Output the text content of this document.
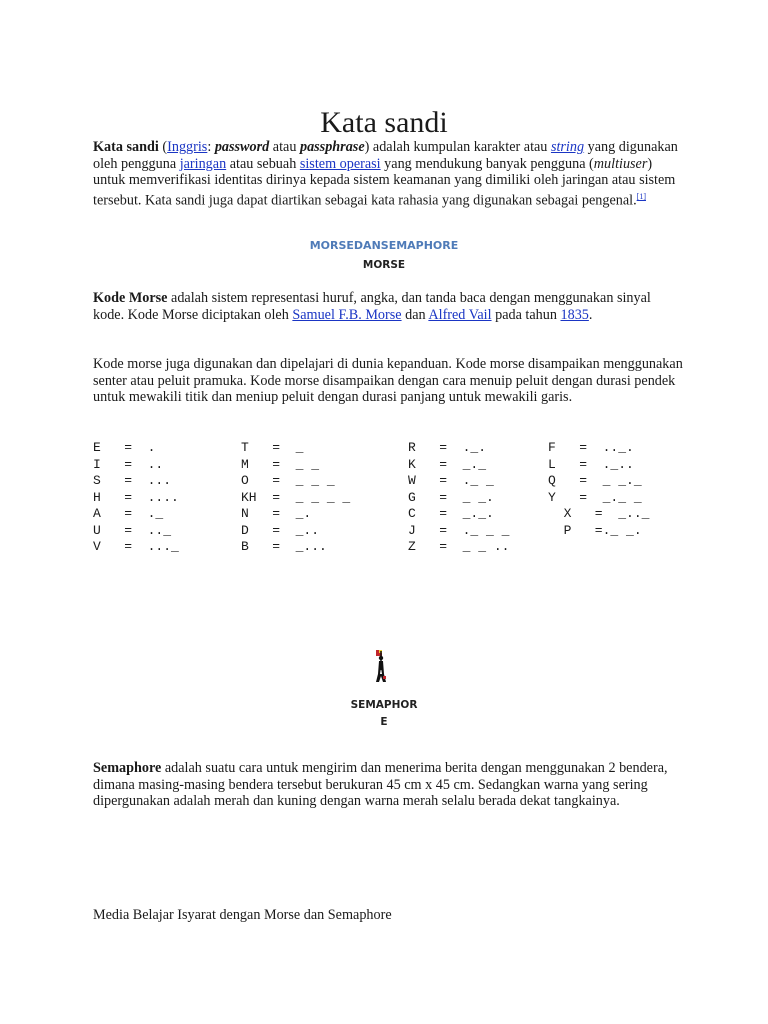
Kata sandi

Kata sandi (Inggris: password atau passphrase) adalah kumpulan karakter atau string yang digunakan oleh pengguna jaringan atau sebuah sistem operasi yang mendukung banyak pengguna (multiuser) untuk memverifikasi identitas dirinya kepada sistem keamanan yang dimiliki oleh jaringan atau sistem tersebut. Kata sandi juga dapat diartikan sebagai kata rahasia yang digunakan sebagai pengenal.[1]

MORSEDANSEMAPHORE
MORSE

Kode Morse adalah sistem representasi huruf, angka, dan tanda baca dengan menggunakan sinyal kode. Kode Morse diciptakan oleh Samuel F.B. Morse dan Alfred Vail pada tahun 1835.

Kode morse juga digunakan dan dipelajari di dunia kepanduan. Kode morse disampaikan menggunakan senter atau peluit pramuka. Kode morse disampaikan dengan cara menuip peluit dengan durasi pendek untuk mewakili titik dan meniup peluit dengan durasi panjang untuk mewakili garis.

E   =  .	T   =  _	R   =  ._.	F   =  .._.
I   =  ..	M   =  _ _	K   =  _._	L   =  ._..
S   =  ...	O   =  _ _ _	W   =  ._ _	Q   =  _ _._
H   =  ....	KH  =  _ _ _ _	G   =  _ _.	Y   =  _._ _
A   =  ._	N   =  _.	C   =  _._.	X   =  _.._
U   =  .._	D   =  _..	J   =  ._ _ _	P   =._ _.
V   =  ..._	B   =  _...	Z   =  _ _ ..
SEMAPHOR
E

Semaphore adalah suatu cara untuk mengirim dan menerima berita dengan menggunakan 2 bendera, dimana masing-masing bendera tersebut berukuran 45 cm x 45 cm. Sedangkan warna yang sering dipergunakan adalah merah dan kuning dengan warna merah selalu berada dekat tangkainya.

Media Belajar Isyarat dengan Morse dan Semaphore
